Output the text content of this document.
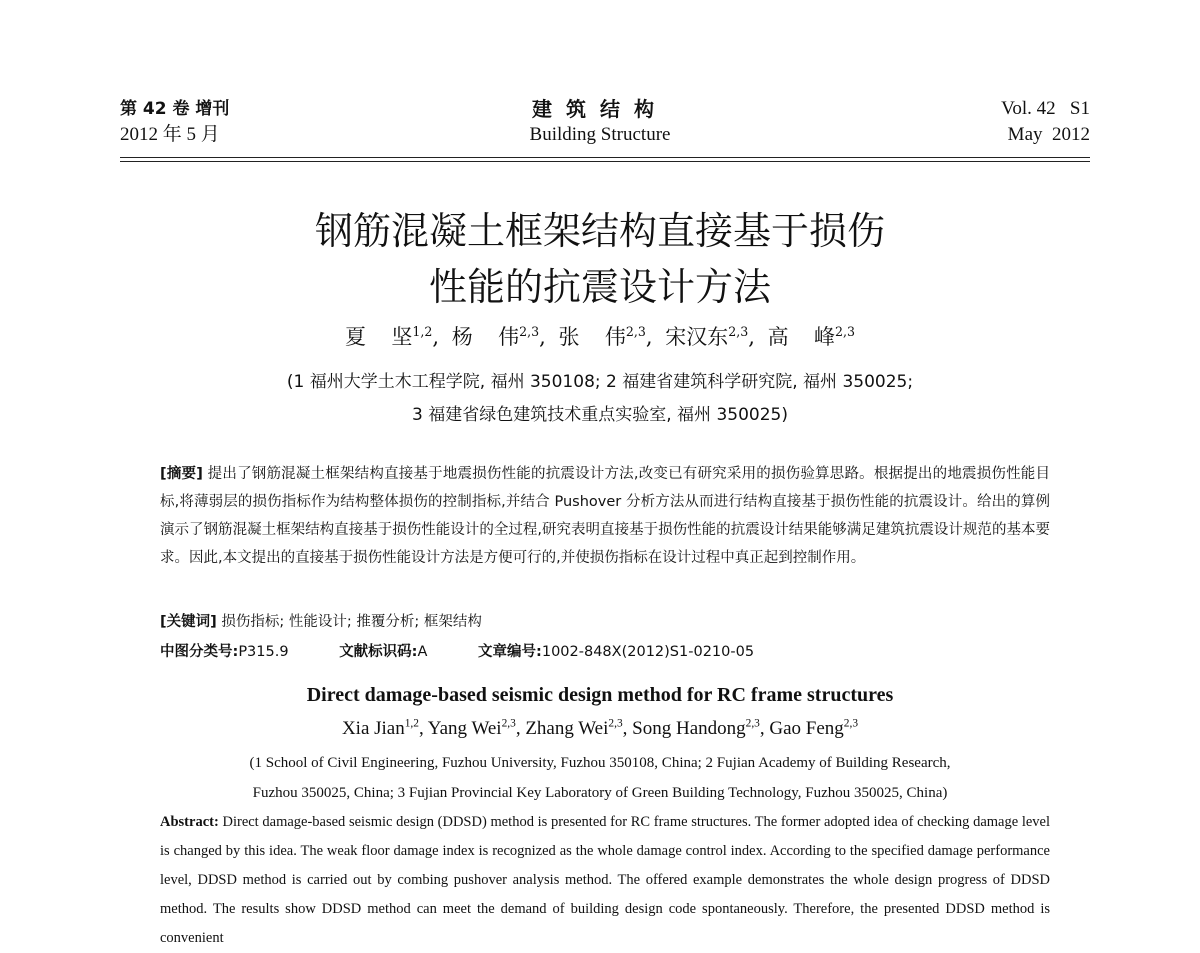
第 42 卷 增刊
2012 年 5 月
建筑结构
Building Structure
Vol. 42   S1
May  2012
钢筋混凝土框架结构直接基于损伤
性能的抗震设计方法
夏  坚$^{1,2}$, 杨  伟$^{2,3}$, 张  伟$^{2,3}$, 宋汉东$^{2,3}$, 高  峰$^{2,3}$
(1 福州大学土木工程学院, 福州 350108; 2 福建省建筑科学研究院, 福州 350025;
3 福建省绿色建筑技术重点实验室, 福州 350025)
[摘要] 提出了钢筋混凝土框架结构直接基于地震损伤性能的抗震设计方法,改变已有研究采用的损伤验算思路。根据提出的地震损伤性能目标,将薄弱层的损伤指标作为结构整体损伤的控制指标,并结合 Pushover 分析方法从而进行结构直接基于损伤性能的抗震设计。给出的算例演示了钢筋混凝土框架结构直接基于损伤性能设计的全过程,研究表明直接基于损伤性能的抗震设计结果能够满足建筑抗震设计规范的基本要求。因此,本文提出的直接基于损伤性能设计方法是方便可行的,并使损伤指标在设计过程中真正起到控制作用。
[关键词] 损伤指标; 性能设计; 推覆分析; 框架结构
中图分类号:P315.9	文献标识码:A	文章编号:1002-848X(2012)S1-0210-05
Direct damage-based seismic design method for RC frame structures
Xia Jian$^{1,2}$, Yang Wei$^{2,3}$, Zhang Wei$^{2,3}$, Song Handong$^{2,3}$, Gao Feng$^{2,3}$
(1 School of Civil Engineering, Fuzhou University, Fuzhou 350108, China; 2 Fujian Academy of Building Research,
Fuzhou 350025, China; 3 Fujian Provincial Key Laboratory of Green Building Technology, Fuzhou 350025, China)
Abstract: Direct damage-based seismic design (DDSD) method is presented for RC frame structures. The former adopted idea of checking damage level is changed by this idea. The weak floor damage index is recognized as the whole damage control index. According to the specified damage performance level, DDSD method is carried out by combing pushover analysis method. The offered example demonstrates the whole design progress of DDSD method. The results show DDSD method can meet the demand of building design code spontaneously. Therefore, the presented DDSD method is convenient
